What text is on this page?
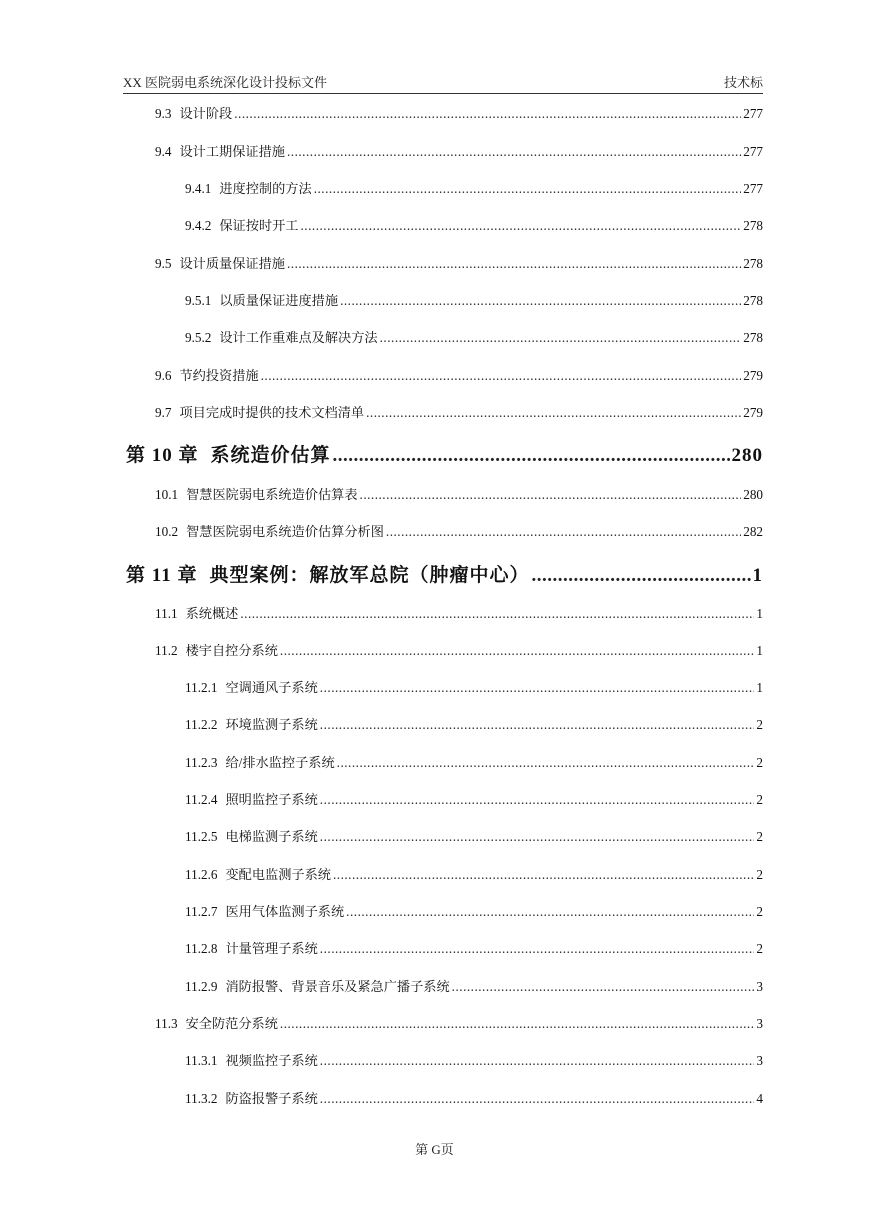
XX 医院弱电系统深化设计投标文件	技术标
9.3 设计阶段 .....	277
9.4 设计工期保证措施 .....	277
9.4.1 进度控制的方法 .....	277
9.4.2 保证按时开工 .....	278
9.5 设计质量保证措施 .....	278
9.5.1 以质量保证进度措施 .....	278
9.5.2 设计工作重难点及解决方法 .....	278
9.6 节约投资措施 .....	279
9.7 项目完成时提供的技术文档清单 .....	279
第 10 章 系统造价估算 .....	280
10.1 智慧医院弱电系统造价估算表 .....	280
10.2 智慧医院弱电系统造价估算分析图 .....	282
第 11 章 典型案例：解放军总院（肿瘤中心） .....	1
11.1 系统概述 .....	1
11.2 楼宇自控分系统 .....	1
11.2.1 空调通风子系统 .....	1
11.2.2 环境监测子系统 .....	2
11.2.3 给/排水监控子系统 .....	2
11.2.4 照明监控子系统 .....	2
11.2.5 电梯监测子系统 .....	2
11.2.6 变配电监测子系统 .....	2
11.2.7 医用气体监测子系统 .....	2
11.2.8 计量管理子系统 .....	2
11.2.9 消防报警、背景音乐及紧急广播子系统 .....	3
11.3 安全防范分系统 .....	3
11.3.1 视频监控子系统 .....	3
11.3.2 防盗报警子系统 .....	4
第 G页
